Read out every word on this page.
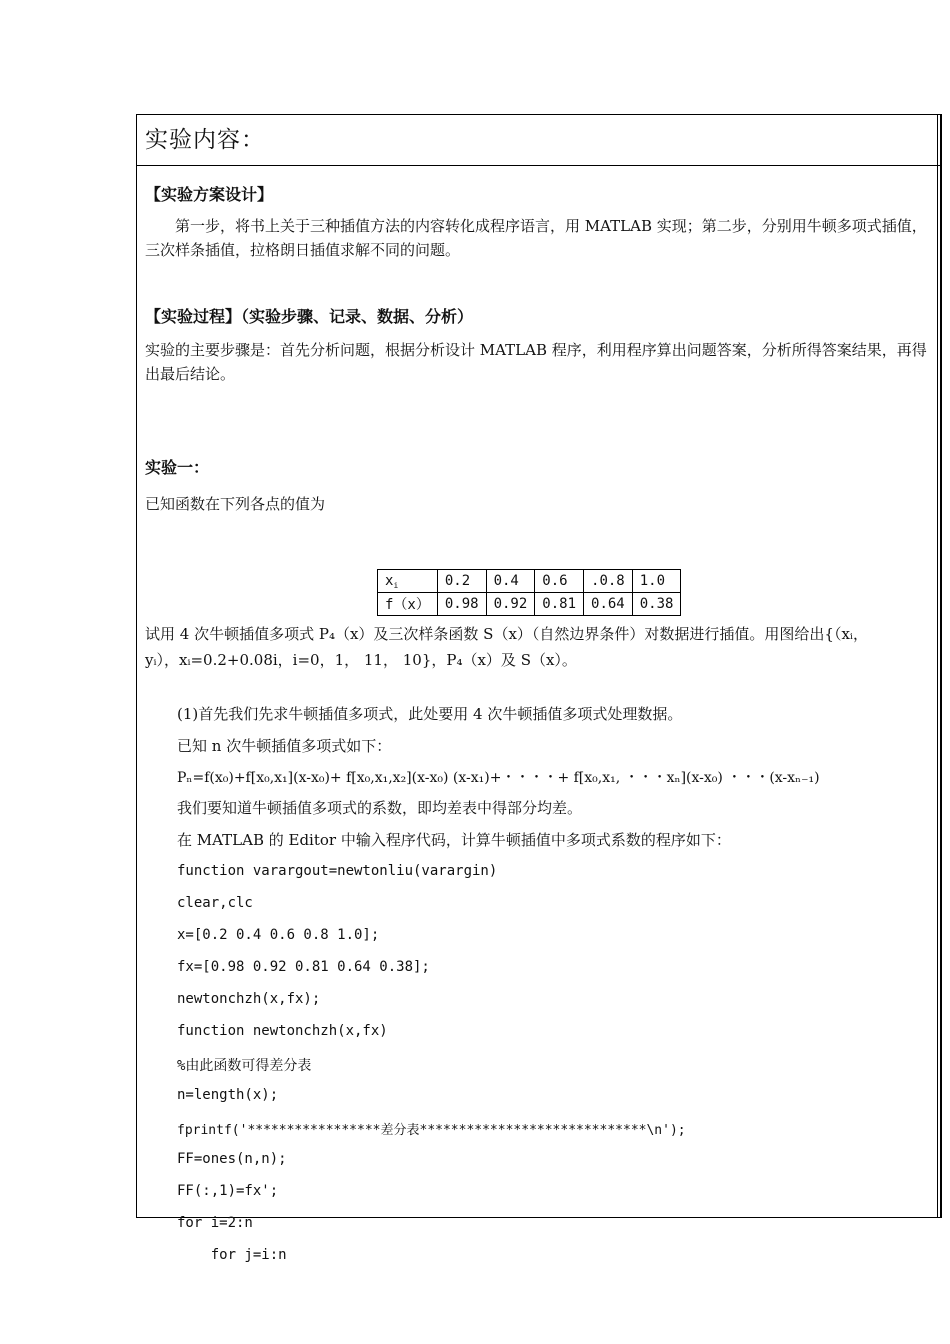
实验内容：
【实验方案设计】
第一步，将书上关于三种插值方法的内容转化成程序语言，用 MATLAB 实现；第二步，分别用牛顿多项式插值，三次样条插值，拉格朗日插值求解不同的问题。
【实验过程】（实验步骤、记录、数据、分析）
实验的主要步骤是：首先分析问题，根据分析设计 MATLAB 程序，利用程序算出问题答案，分析所得答案结果，再得出最后结论。
实验一：
已知函数在下列各点的值为
$x_i$	0.2	0.4	0.6	.0.8	1.0
f（x）	0.98	0.92	0.81	0.64	0.38
试用 4 次牛顿插值多项式 P₄（x）及三次样条函数 S（x）（自然边界条件）对数据进行插值。用图给出{（xᵢ，
yᵢ），xᵢ=0.2+0.08i，i=0，1， 11， 10}，P₄（x）及 S（x）。
(1)首先我们先求牛顿插值多项式，此处要用 4 次牛顿插值多项式处理数据。
已知 n 次牛顿插值多项式如下：
Pₙ=f(x₀)+f[x₀,x₁](x-x₀)+ f[x₀,x₁,x₂](x-x₀) (x-x₁)+・・・・+ f[x₀,x₁, ・・・xₙ](x-x₀) ・・・(x-xₙ₋₁)
我们要知道牛顿插值多项式的系数，即均差表中得部分均差。
在 MATLAB 的 Editor 中输入程序代码，计算牛顿插值中多项式系数的程序如下：
function varargout=newtonliu(varargin)
clear,clc
x=[0.2 0.4 0.6 0.8 1.0];
fx=[0.98 0.92 0.81 0.64 0.38];
newtonchzh(x,fx);
function newtonchzh(x,fx)
%由此函数可得差分表
n=length(x);
fprintf('*****************差分表*****************************\n');
FF=ones(n,n);
FF(:,1)=fx';
for i=2:n
for j=i:n
